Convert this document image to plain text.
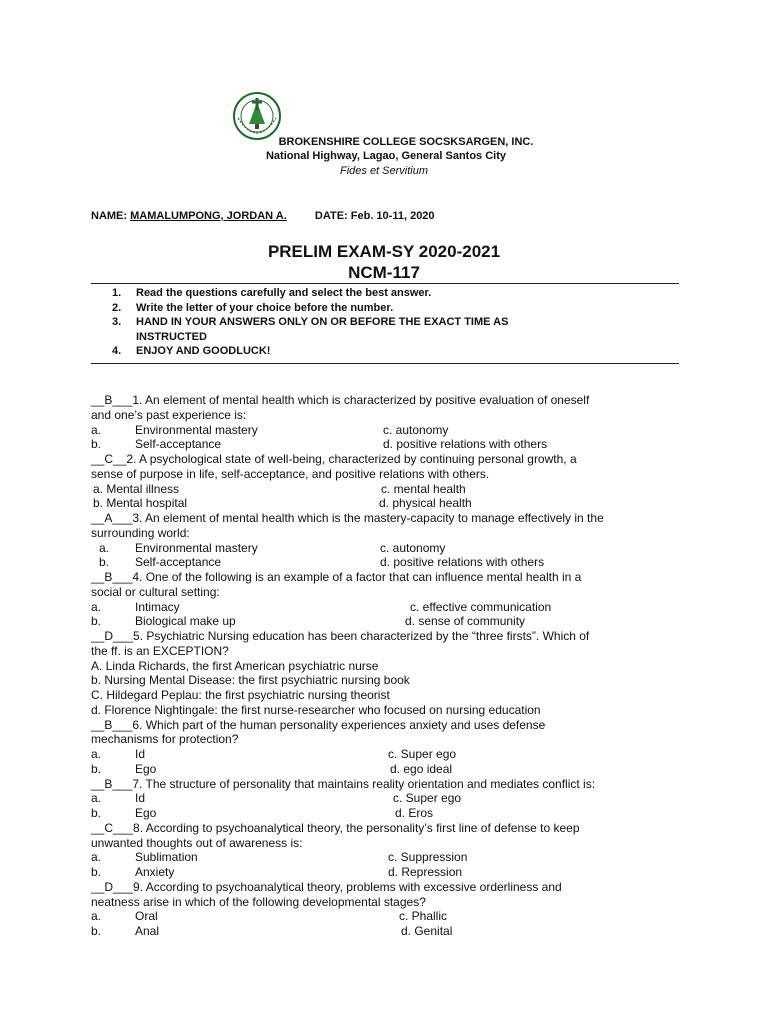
BROKENSHIRE COLLEGE SOCSKSARGEN, INC.
National Highway, Lagao, General Santos City
Fides et Servitium
NAME: MAMALUMPONG, JORDAN A.	DATE: Feb. 10-11, 2020
PRELIM EXAM-SY 2020-2021
NCM-117
1.	Read the questions carefully and select the best answer.
2.	Write the letter of your choice before the number.
3.	HAND IN YOUR ANSWERS ONLY ON OR BEFORE THE EXACT TIME AS
INSTRUCTED
4.	ENJOY AND GOODLUCK!
__B___1. An element of mental health which is characterized by positive evaluation of oneself
and one’s past experience is:
a.	Environmental mastery	c. autonomy
b.	Self-acceptance	d. positive relations with others
__C__2. A psychological state of well-being, characterized by continuing personal growth, a
sense of purpose in life, self-acceptance, and positive relations with others.
a. Mental illness	c. mental health
b. Mental hospital	d. physical health
__A___3. An element of mental health which is the mastery-capacity to manage effectively in the
surrounding world:
a. Environmental mastery	c. autonomy
b. Self-acceptance	d. positive relations with others
__B___4. One of the following is an example of a factor that can influence mental health in a
social or cultural setting:
a.	Intimacy	c. effective communication
b.	Biological make up	d. sense of community
__D___5. Psychiatric Nursing education has been characterized by the “three firsts”. Which of
the ff. is an EXCEPTION?
A. Linda Richards, the first American psychiatric nurse
b. Nursing Mental Disease: the first psychiatric nursing book
C. Hildegard Peplau: the first psychiatric nursing theorist
d. Florence Nightingale: the first nurse-researcher who focused on nursing education
__B___6. Which part of the human personality experiences anxiety and uses defense
mechanisms for protection?
a.	Id	c. Super ego
b.	Ego	d. ego ideal
__B___7. The structure of personality that maintains reality orientation and mediates conflict is:
a.	Id	c. Super ego
b.	Ego	d. Eros
__C___8. According to psychoanalytical theory, the personality’s first line of defense to keep
unwanted thoughts out of awareness is:
a.	Sublimation	c. Suppression
b.	Anxiety	d. Repression
__D___9. According to psychoanalytical theory, problems with excessive orderliness and
neatness arise in which of the following developmental stages?
a.	Oral	c. Phallic
b.	Anal	d. Genital
